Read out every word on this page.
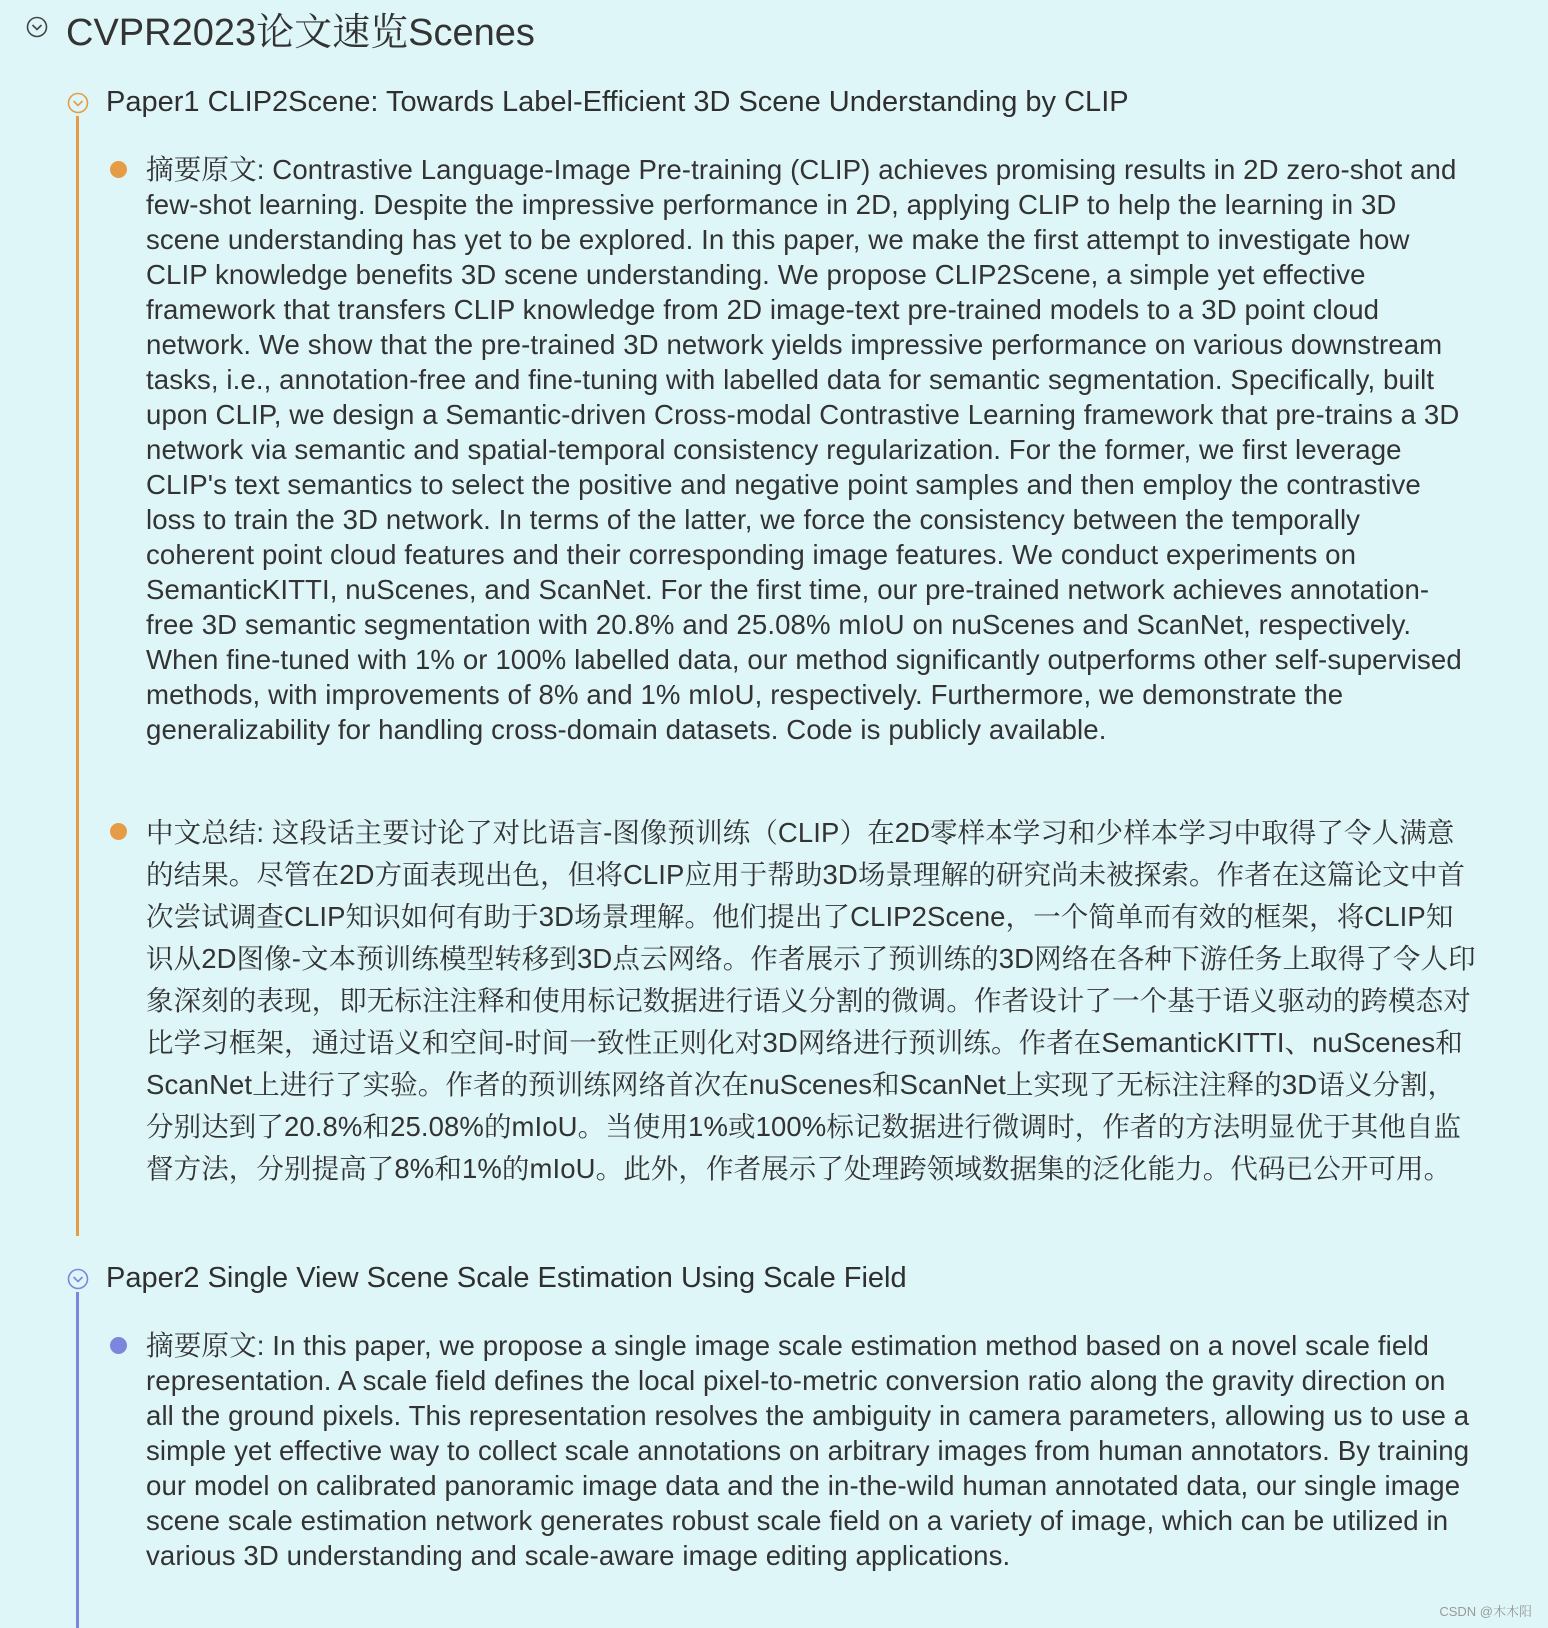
CVPR2023论文速览Scenes
Paper1 CLIP2Scene: Towards Label-Efficient 3D Scene Understanding by CLIP
摘要原文: Contrastive Language-Image Pre-training (CLIP) achieves promising results in 2D zero-shot and few-shot learning. Despite the impressive performance in 2D, applying CLIP to help the learning in 3D scene understanding has yet to be explored. In this paper, we make the first attempt to investigate how CLIP knowledge benefits 3D scene understanding. We propose CLIP2Scene, a simple yet effective framework that transfers CLIP knowledge from 2D image-text pre-trained models to a 3D point cloud network. We show that the pre-trained 3D network yields impressive performance on various downstream tasks, i.e., annotation-free and fine-tuning with labelled data for semantic segmentation. Specifically, built upon CLIP, we design a Semantic-driven Cross-modal Contrastive Learning framework that pre-trains a 3D network via semantic and spatial-temporal consistency regularization. For the former, we first leverage CLIP's text semantics to select the positive and negative point samples and then employ the contrastive loss to train the 3D network. In terms of the latter, we force the consistency between the temporally coherent point cloud features and their corresponding image features. We conduct experiments on SemanticKITTI, nuScenes, and ScanNet. For the first time, our pre-trained network achieves annotation-free 3D semantic segmentation with 20.8% and 25.08% mIoU on nuScenes and ScanNet, respectively. When fine-tuned with 1% or 100% labelled data, our method significantly outperforms other self-supervised methods, with improvements of 8% and 1% mIoU, respectively. Furthermore, we demonstrate the generalizability for handling cross-domain datasets. Code is publicly available.
中文总结: 这段话主要讨论了对比语言-图像预训练（CLIP）在2D零样本学习和少样本学习中取得了令人满意的结果。尽管在2D方面表现出色，但将CLIP应用于帮助3D场景理解的研究尚未被探索。作者在这篇论文中首次尝试调查CLIP知识如何有助于3D场景理解。他们提出了CLIP2Scene，一个简单而有效的框架，将CLIP知识从2D图像-文本预训练模型转移到3D点云网络。作者展示了预训练的3D网络在各种下游任务上取得了令人印象深刻的表现，即无标注注释和使用标记数据进行语义分割的微调。作者设计了一个基于语义驱动的跨模态对比学习框架，通过语义和空间-时间一致性正则化对3D网络进行预训练。作者在SemanticKITTI、nuScenes和ScanNet上进行了实验。作者的预训练网络首次在nuScenes和ScanNet上实现了无标注注释的3D语义分割，分别达到了20.8%和25.08%的mIoU。当使用1%或100%标记数据进行微调时，作者的方法明显优于其他自监督方法，分别提高了8%和1%的mIoU。此外，作者展示了处理跨领域数据集的泛化能力。代码已公开可用。
Paper2 Single View Scene Scale Estimation Using Scale Field
摘要原文: In this paper, we propose a single image scale estimation method based on a novel scale field representation. A scale field defines the local pixel-to-metric conversion ratio along the gravity direction on all the ground pixels. This representation resolves the ambiguity in camera parameters, allowing us to use a simple yet effective way to collect scale annotations on arbitrary images from human annotators. By training our model on calibrated panoramic image data and the in-the-wild human annotated data, our single image scene scale estimation network generates robust scale field on a variety of image, which can be utilized in various 3D understanding and scale-aware image editing applications.
CSDN @木木阳
